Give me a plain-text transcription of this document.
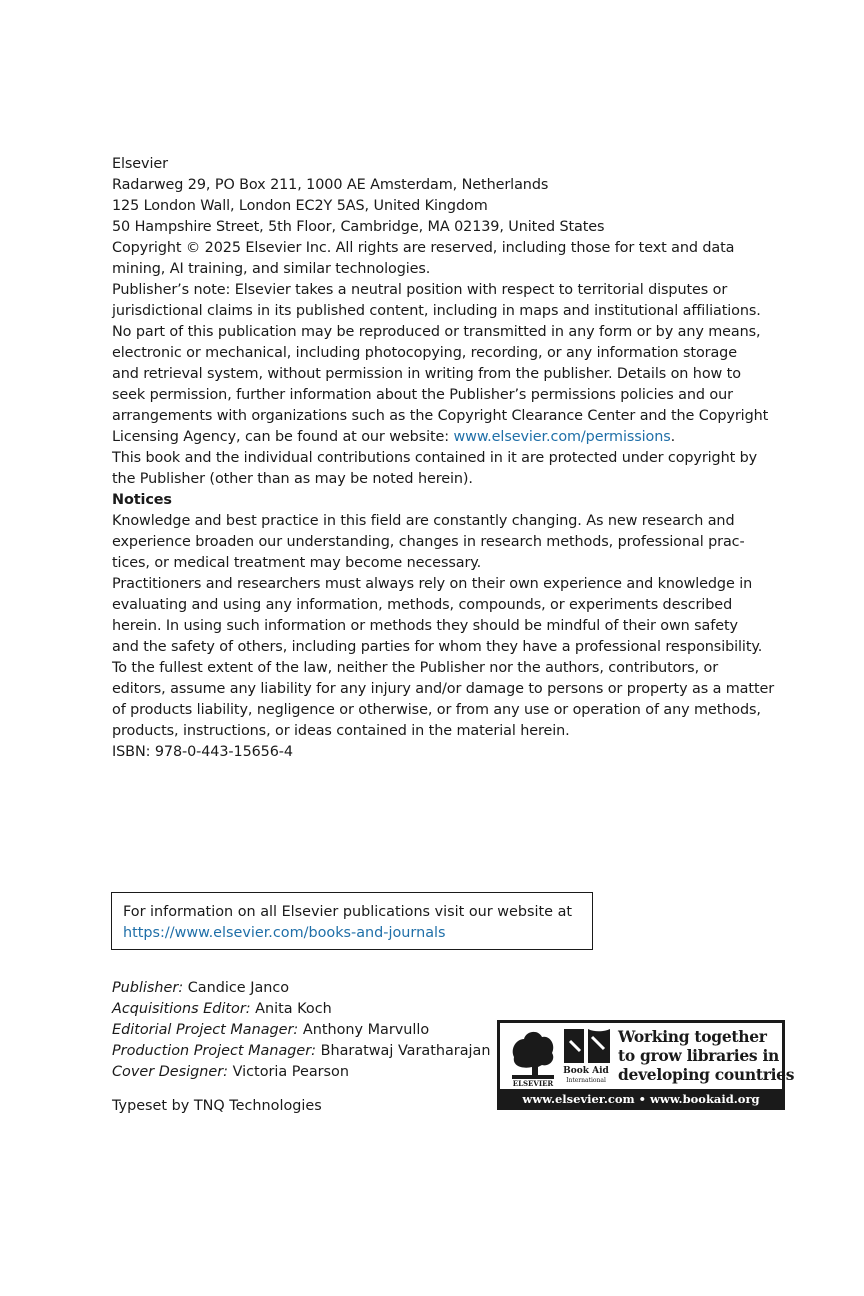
Elsevier
Radarweg 29, PO Box 211, 1000 AE Amsterdam, Netherlands
125 London Wall, London EC2Y 5AS, United Kingdom
50 Hampshire Street, 5th Floor, Cambridge, MA 02139, United States

Copyright © 2025 Elsevier Inc. All rights are reserved, including those for text and data
mining, AI training, and similar technologies.

Publisher’s note: Elsevier takes a neutral position with respect to territorial disputes or
jurisdictional claims in its published content, including in maps and institutional affiliations.

No part of this publication may be reproduced or transmitted in any form or by any means,
electronic or mechanical, including photocopying, recording, or any information storage
and retrieval system, without permission in writing from the publisher. Details on how to
seek permission, further information about the Publisher’s permissions policies and our
arrangements with organizations such as the Copyright Clearance Center and the Copyright
Licensing Agency, can be found at our website: www.elsevier.com/permissions.

This book and the individual contributions contained in it are protected under copyright by
the Publisher (other than as may be noted herein).

Notices
Knowledge and best practice in this field are constantly changing. As new research and
experience broaden our understanding, changes in research methods, professional prac-
tices, or medical treatment may become necessary.

Practitioners and researchers must always rely on their own experience and knowledge in
evaluating and using any information, methods, compounds, or experiments described
herein. In using such information or methods they should be mindful of their own safety
and the safety of others, including parties for whom they have a professional responsibility.

To the fullest extent of the law, neither the Publisher nor the authors, contributors, or
editors, assume any liability for any injury and/or damage to persons or property as a matter
of products liability, negligence or otherwise, or from any use or operation of any methods,
products, instructions, or ideas contained in the material herein.

ISBN: 978-0-443-15656-4

For information on all Elsevier publications visit our website at
https://www.elsevier.com/books-and-journals
Publisher: Candice Janco
Acquisitions Editor: Anita Koch
Editorial Project Manager: Anthony Marvullo
Production Project Manager: Bharatwaj Varatharajan
Cover Designer: Victoria Pearson
Typeset by TNQ Technologies
ELSEVIER
Book Aid
International
Working together
to grow libraries in
developing countries
www.elsevier.com • www.bookaid.org
